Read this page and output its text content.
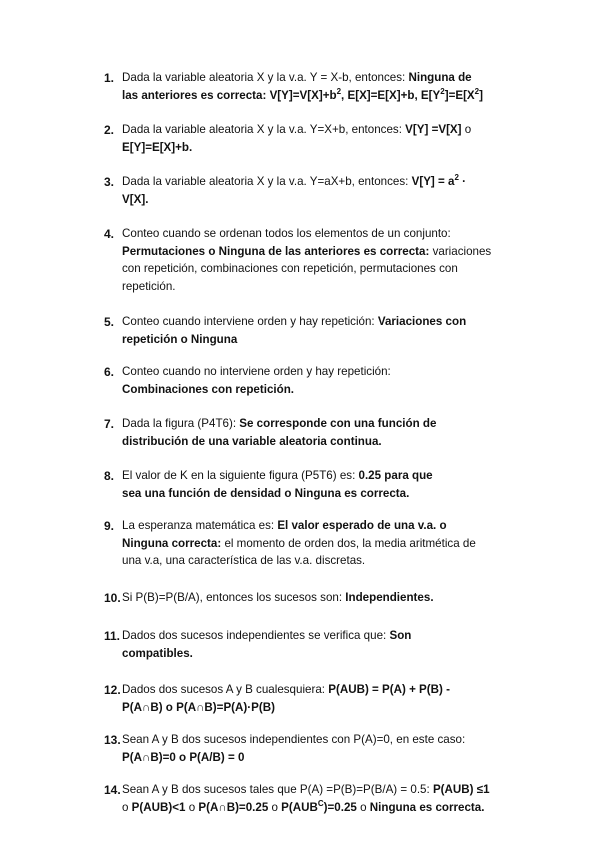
1. Dada la variable aleatoria X y la v.a. Y = X-b, entonces: Ninguna de
las anteriores es correcta: $V[Y]=V[X]+b^2$, E[X]=E[X]+b, $E[Y^2]=E[X^2]$
2. Dada la variable aleatoria X y la v.a. Y=X+b, entonces: V[Y] =V[X] o
E[Y]=E[X]+b.
3. Dada la variable aleatoria X y la v.a. Y=aX+b, entonces: $V[Y] = a^2$ ·
V[X].
4. Conteo cuando se ordenan todos los elementos de un conjunto:
Permutaciones o Ninguna de las anteriores es correcta: variaciones
con repetición, combinaciones con repetición, permutaciones con
repetición.
5. Conteo cuando interviene orden y hay repetición: Variaciones con
repetición o Ninguna
6. Conteo cuando no interviene orden y hay repetición:
Combinaciones con repetición.
7. Dada la figura (P4T6): Se corresponde con una función de
distribución de una variable aleatoria continua.
8. El valor de K en la siguiente figura (P5T6) es: 0.25 para que
sea una función de densidad o Ninguna es correcta.
9. La esperanza matemática es: El valor esperado de una v.a. o
Ninguna correcta: el momento de orden dos, la media aritmética de
una v.a, una característica de las v.a. discretas.
10. Si P(B)=P(B/A), entonces los sucesos son: Independientes.
11. Dados dos sucesos independientes se verifica que: Son
compatibles.
12. Dados dos sucesos A y B cualesquiera: P(AUB) = P(A) + P(B) -
P(A∩B) o P(A∩B)=P(A)·P(B)
13. Sean A y B dos sucesos independientes con P(A)=0, en este caso:
P(A∩B)=0 o P(A/B) = 0
14. Sean A y B dos sucesos tales que P(A) =P(B)=P(B/A) = 0.5: P(AUB) ≤1
o P(AUB)<1 o P(A∩B)=0.25 o $P(AUB^C)=0.25$ o Ninguna es correcta.
